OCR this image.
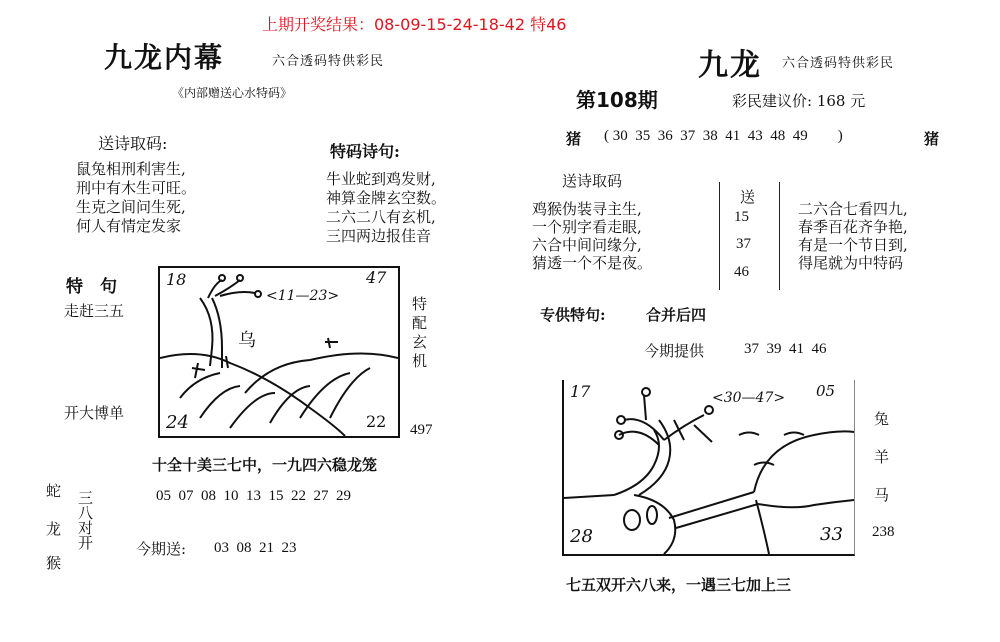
上期开奖结果：08-09-15-24-18-42 特46
九龙内幕	六合透码特供彩民
《内部赠送心水特码》
送诗取码:
鼠兔相刑利害生,
刑中有木生可旺。
生克之间问生死,
何人有情定发家
特码诗句:
牛业蛇到鸡发财,
神算金牌玄空数。
二六二八有玄机,
三四两边报佳音
特　句
走赶三五
开大博单
18	47
24	22
<11—23>
乌	特配玄机
497
十全十美三七中，一九四六稳龙笼
05  07  08  10  13  15  22  27  29
蛇
龙
猴
三八对开	今期送: 03  08  21  23
九龙 六合透码特供彩民
第108期	彩民建议价: 168 元
猪 ( 30  35  36  37  38  41  43  48  49        )	猪
送诗取码
鸡猴伪装寻主生,
一个别字看走眼,
六合中间问缘分,
猜透一个不是夜。
送
15
37
46
二六合七看四九,
春季百花齐争艳,
有是一个节日到,
得尾就为中特码
专供特句:	合并后四
今期提供	37  39  41  46
17	05
28	33
<30—47>
兔
羊
马
238
七五双开六八来，一遇三七加上三
